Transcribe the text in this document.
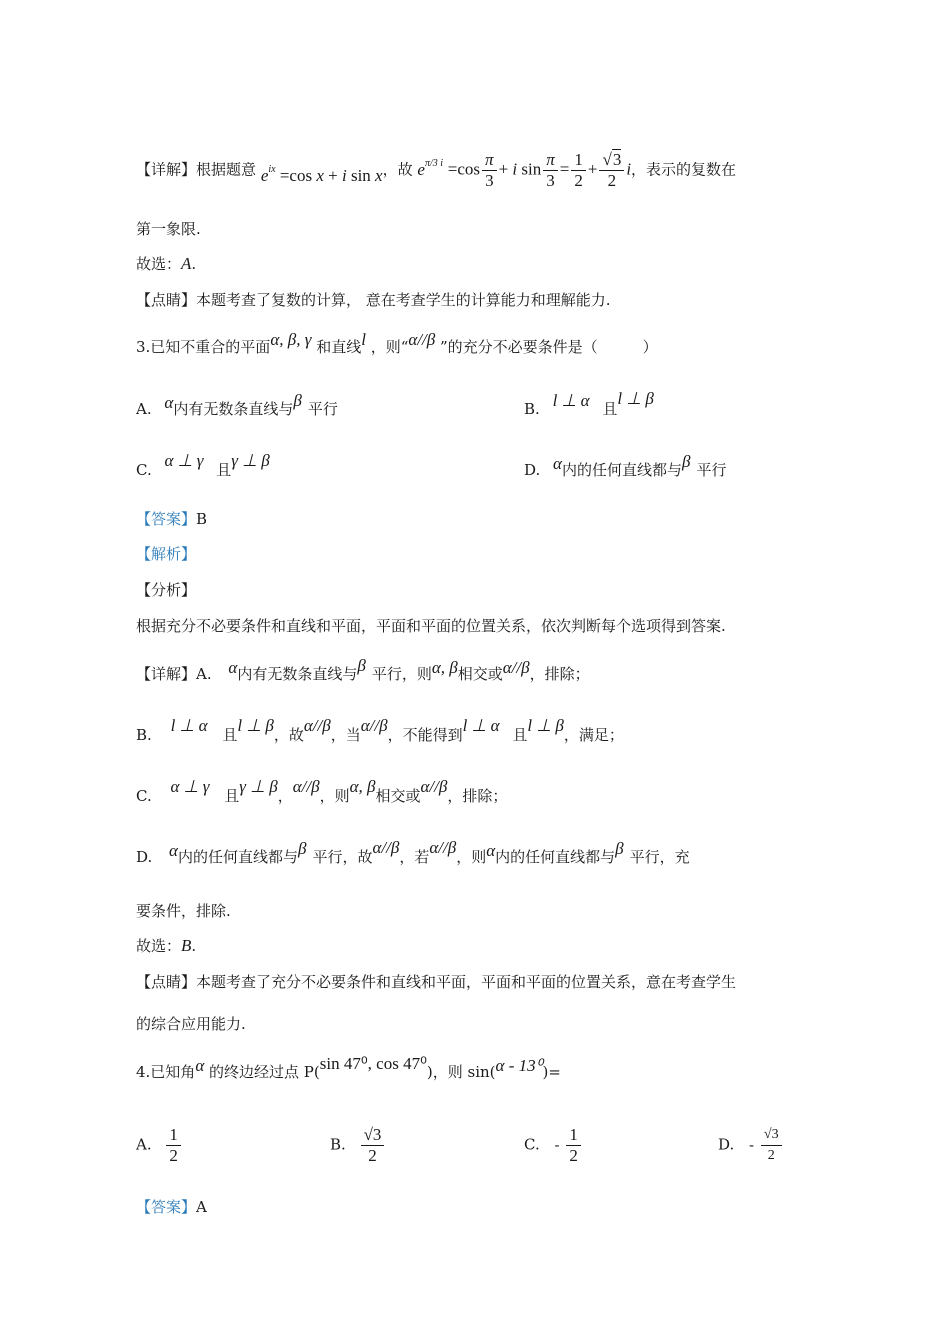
【详解】根据题意 $e^{ix} =\cos$ x + i sin x，故 $e^{\pi/3 i} =\cos \frac{\pi}{3} + i$ $\sin \frac{\pi}{3} = \frac{1}{2} + \frac{√3}{2}$ i，表示的复数在
第一象限.
故选：A.
【点睛】本题考查了复数的计算， 意在考查学生的计算能力和理解能力.
3.已知不重合的平面α, β, γ 和直线l ，则“α//β ”的充分不必要条件是（　　　）
A. α内有无数条直线与β 平行	B. l ⊥ α 且l ⊥ β
C. α ⊥ γ 且γ ⊥ β	D. α内的任何直线都与β 平行
【答案】B
【解析】
【分析】
根据充分不必要条件和直线和平面，平面和平面的位置关系，依次判断每个选项得到答案.
【详解】A. α内有无数条直线与β 平行，则α, β相交或α//β，排除；
B. l ⊥ α 且l ⊥ β，故α//β，当α//β，不能得到l ⊥ α 且l ⊥ β，满足；
C. α ⊥ γ 且γ ⊥ β，α//β，则α, β相交或α//β，排除；
D. α内的任何直线都与β 平行，故α//β，若α//β，则α内的任何直线都与β 平行，充
要条件，排除.
故选：B.
【点睛】本题考查了充分不必要条件和直线和平面，平面和平面的位置关系，意在考查学生
的综合应用能力.
4.已知角α 的终边经过点 P(sin 47⁰, cos 47⁰)，则 sin(α - 13⁰)=
A. $\frac{1}{2}$	B. $\frac{√3}{2}$	C. - $\frac{1}{2}$	D. - $\frac{√3}{2}$
【答案】A
